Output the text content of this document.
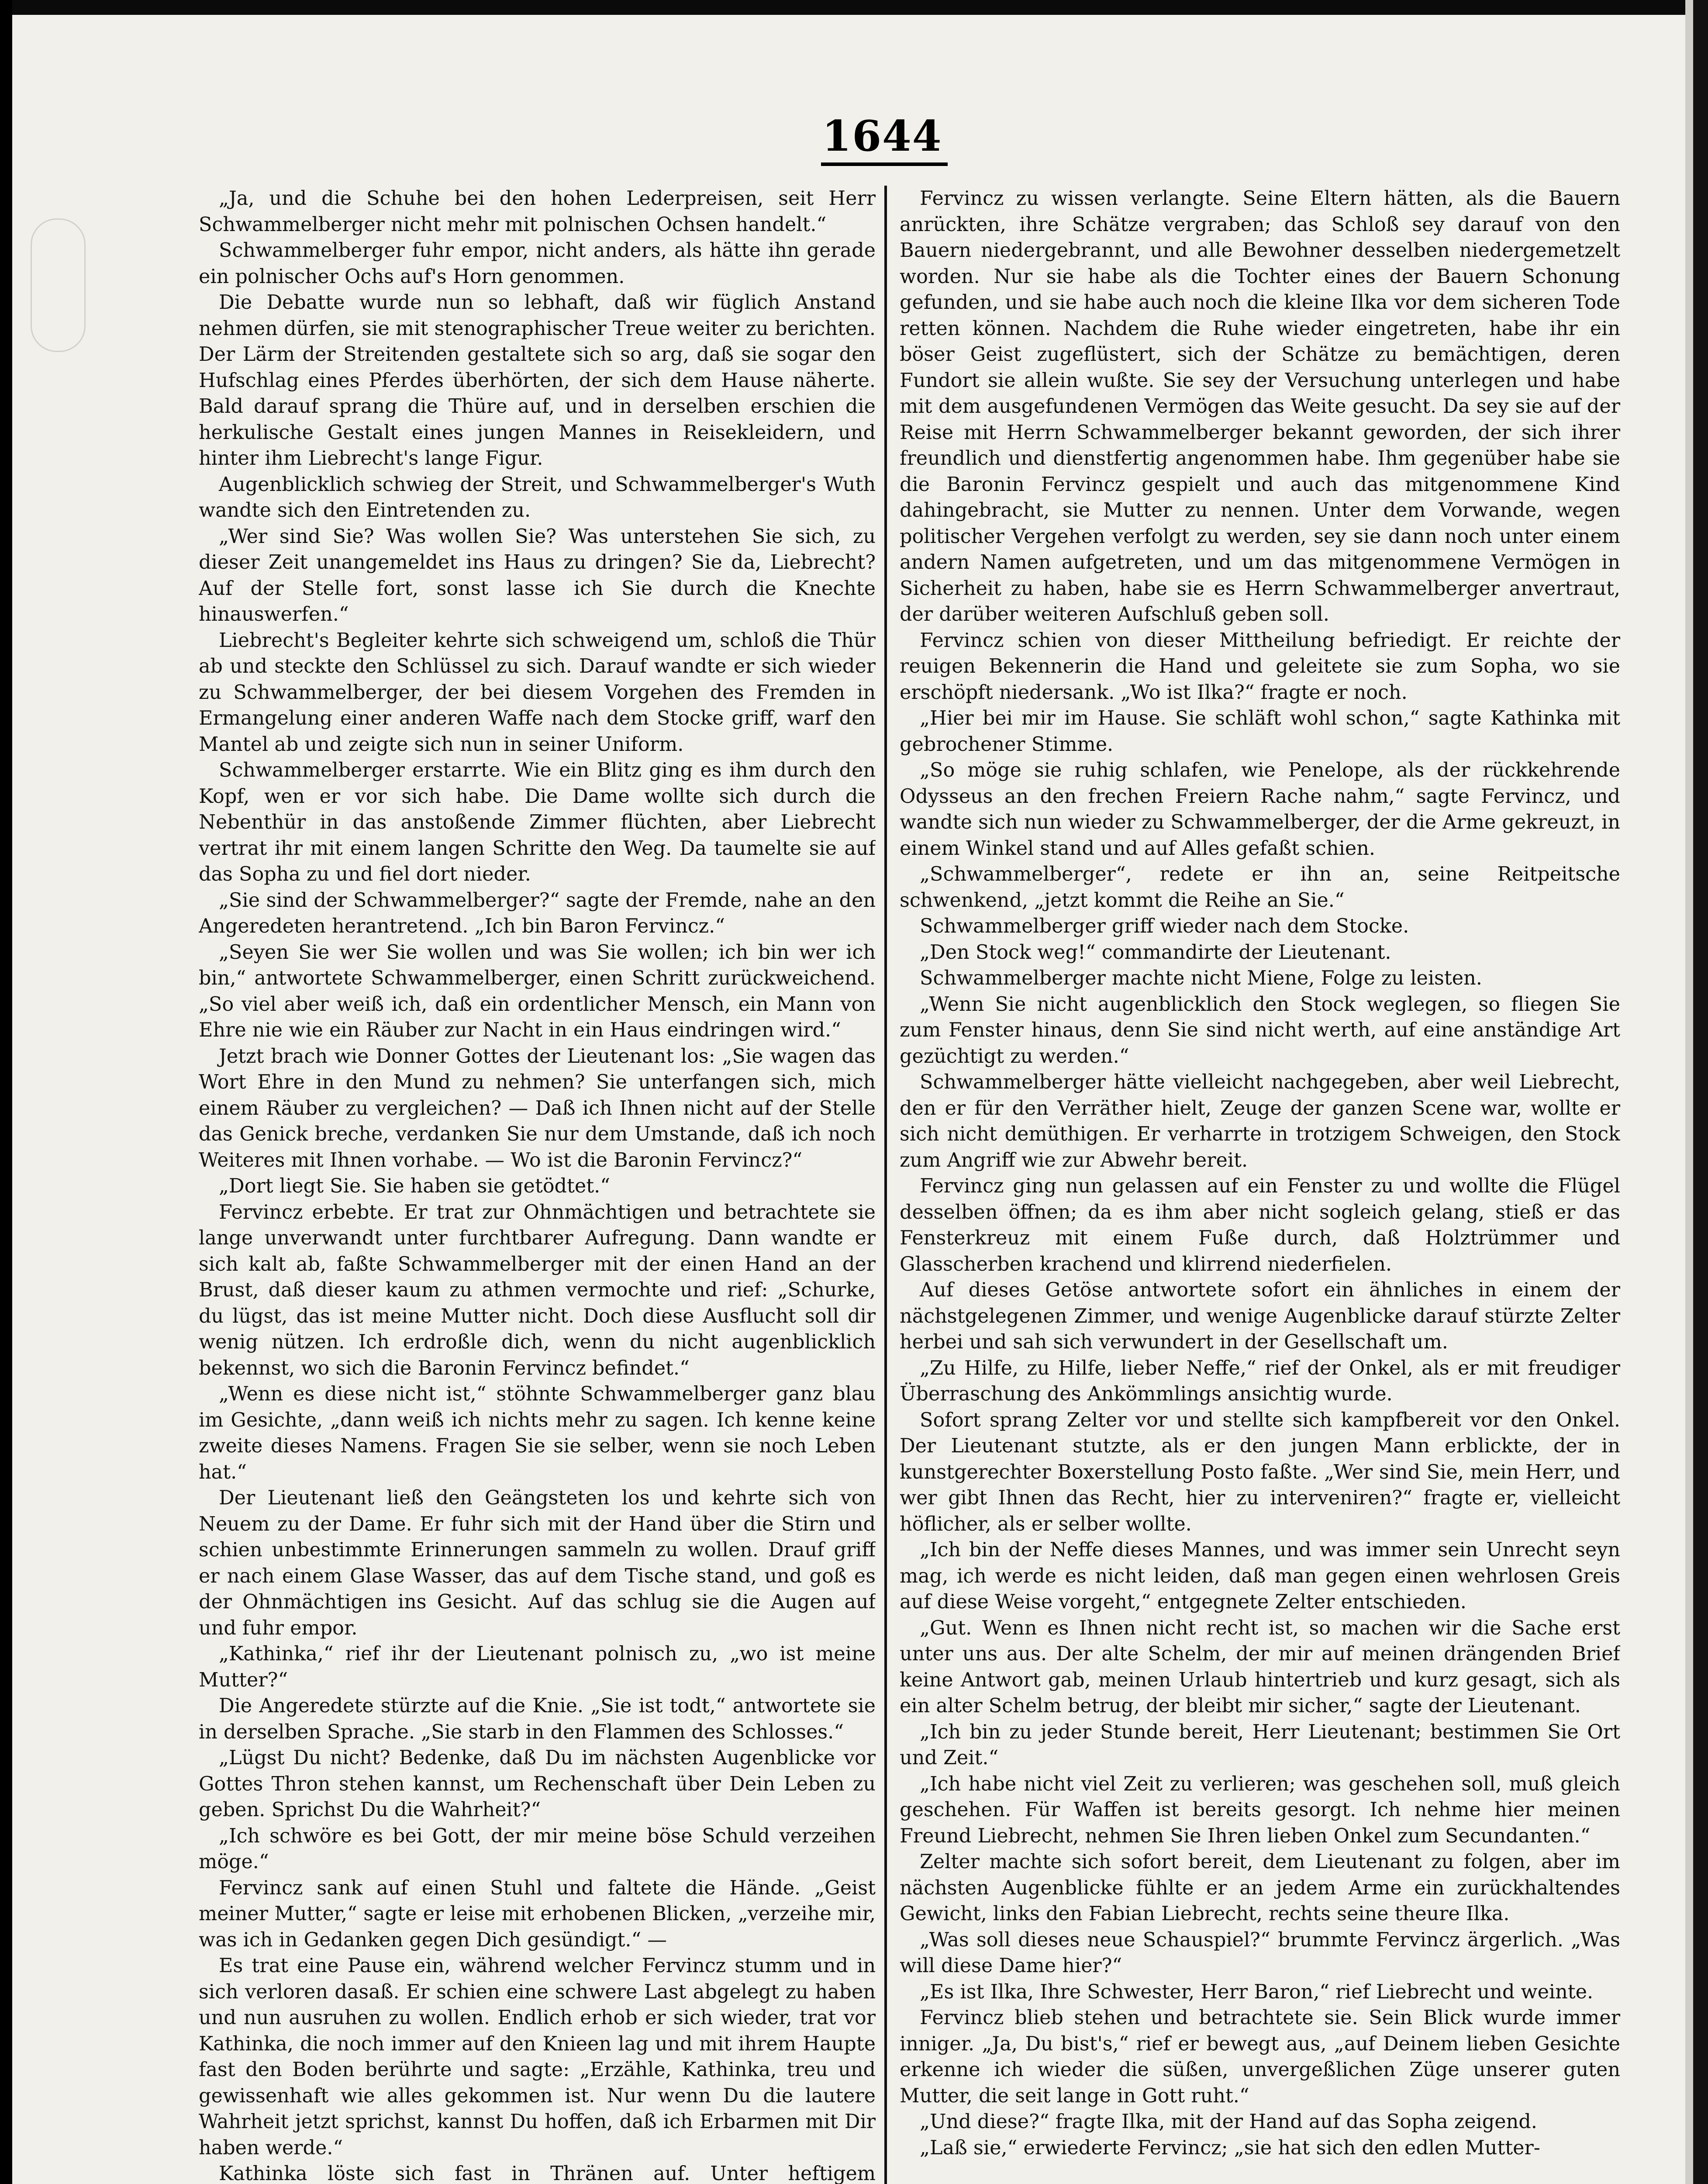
1644

„Ja, und die Schuhe bei den hohen Lederpreisen, seit Herr Schwammelberger nicht mehr mit polnischen Ochsen handelt.“

Schwammelberger fuhr empor, nicht anders, als hätte ihn gerade ein polnischer Ochs auf's Horn genommen.

Die Debatte wurde nun so lebhaft, daß wir füglich Anstand nehmen dürfen, sie mit stenographischer Treue weiter zu berichten. Der Lärm der Streitenden gestaltete sich so arg, daß sie sogar den Hufschlag eines Pferdes überhörten, der sich dem Hause näherte. Bald darauf sprang die Thüre auf, und in derselben erschien die herkulische Gestalt eines jungen Mannes in Reisekleidern, und hinter ihm Liebrecht's lange Figur.

Augenblicklich schwieg der Streit, und Schwammelberger's Wuth wandte sich den Eintretenden zu.

„Wer sind Sie? Was wollen Sie? Was unterstehen Sie sich, zu dieser Zeit unangemeldet ins Haus zu dringen? Sie da, Liebrecht? Auf der Stelle fort, sonst lasse ich Sie durch die Knechte hinauswerfen.“

Liebrecht's Begleiter kehrte sich schweigend um, schloß die Thür ab und steckte den Schlüssel zu sich. Darauf wandte er sich wieder zu Schwammelberger, der bei diesem Vorgehen des Fremden in Ermangelung einer anderen Waffe nach dem Stocke griff, warf den Mantel ab und zeigte sich nun in seiner Uniform.

Schwammelberger erstarrte. Wie ein Blitz ging es ihm durch den Kopf, wen er vor sich habe. Die Dame wollte sich durch die Nebenthür in das anstoßende Zimmer flüchten, aber Liebrecht vertrat ihr mit einem langen Schritte den Weg. Da taumelte sie auf das Sopha zu und fiel dort nieder.

„Sie sind der Schwammelberger?“ sagte der Fremde, nahe an den Angeredeten herantretend. „Ich bin Baron Fervincz.“

„Seyen Sie wer Sie wollen und was Sie wollen; ich bin wer ich bin,“ antwortete Schwammelberger, einen Schritt zurückweichend. „So viel aber weiß ich, daß ein ordentlicher Mensch, ein Mann von Ehre nie wie ein Räuber zur Nacht in ein Haus eindringen wird.“

Jetzt brach wie Donner Gottes der Lieutenant los: „Sie wagen das Wort Ehre in den Mund zu nehmen? Sie unterfangen sich, mich einem Räuber zu vergleichen? — Daß ich Ihnen nicht auf der Stelle das Genick breche, verdanken Sie nur dem Umstande, daß ich noch Weiteres mit Ihnen vorhabe. — Wo ist die Baronin Fervincz?“

„Dort liegt Sie. Sie haben sie getödtet.“

Fervincz erbebte. Er trat zur Ohnmächtigen und betrachtete sie lange unverwandt unter furchtbarer Aufregung. Dann wandte er sich kalt ab, faßte Schwammelberger mit der einen Hand an der Brust, daß dieser kaum zu athmen vermochte und rief: „Schurke, du lügst, das ist meine Mutter nicht. Doch diese Ausflucht soll dir wenig nützen. Ich erdroßle dich, wenn du nicht augenblicklich bekennst, wo sich die Baronin Fervincz befindet.“

„Wenn es diese nicht ist,“ stöhnte Schwammelberger ganz blau im Gesichte, „dann weiß ich nichts mehr zu sagen. Ich kenne keine zweite dieses Namens. Fragen Sie sie selber, wenn sie noch Leben hat.“

Der Lieutenant ließ den Geängsteten los und kehrte sich von Neuem zu der Dame. Er fuhr sich mit der Hand über die Stirn und schien unbestimmte Erinnerungen sammeln zu wollen. Drauf griff er nach einem Glase Wasser, das auf dem Tische stand, und goß es der Ohnmächtigen ins Gesicht. Auf das schlug sie die Augen auf und fuhr empor.

„Kathinka,“ rief ihr der Lieutenant polnisch zu, „wo ist meine Mutter?“

Die Angeredete stürzte auf die Knie. „Sie ist todt,“ antwortete sie in derselben Sprache. „Sie starb in den Flammen des Schlosses.“

„Lügst Du nicht? Bedenke, daß Du im nächsten Augenblicke vor Gottes Thron stehen kannst, um Rechenschaft über Dein Leben zu geben. Sprichst Du die Wahrheit?“

„Ich schwöre es bei Gott, der mir meine böse Schuld verzeihen möge.“

Fervincz sank auf einen Stuhl und faltete die Hände. „Geist meiner Mutter,“ sagte er leise mit erhobenen Blicken, „verzeihe mir, was ich in Gedanken gegen Dich gesündigt.“ —

Es trat eine Pause ein, während welcher Fervincz stumm und in sich verloren dasaß. Er schien eine schwere Last abgelegt zu haben und nun ausruhen zu wollen. Endlich erhob er sich wieder, trat vor Kathinka, die noch immer auf den Knieen lag und mit ihrem Haupte fast den Boden berührte und sagte: „Erzähle, Kathinka, treu und gewissenhaft wie alles gekommen ist. Nur wenn Du die lautere Wahrheit jetzt sprichst, kannst Du hoffen, daß ich Erbarmen mit Dir haben werde.“

Kathinka löste sich fast in Thränen auf. Unter heftigem

Fervincz zu wissen verlangte. Seine Eltern hätten, als die Bauern anrückten, ihre Schätze vergraben; das Schloß sey darauf von den Bauern niedergebrannt, und alle Bewohner desselben niedergemetzelt worden. Nur sie habe als die Tochter eines der Bauern Schonung gefunden, und sie habe auch noch die kleine Ilka vor dem sicheren Tode retten können. Nachdem die Ruhe wieder eingetreten, habe ihr ein böser Geist zugeflüstert, sich der Schätze zu bemächtigen, deren Fundort sie allein wußte. Sie sey der Versuchung unterlegen und habe mit dem ausgefundenen Vermögen das Weite gesucht. Da sey sie auf der Reise mit Herrn Schwammelberger bekannt geworden, der sich ihrer freundlich und dienstfertig angenommen habe. Ihm gegenüber habe sie die Baronin Fervincz gespielt und auch das mitgenommene Kind dahingebracht, sie Mutter zu nennen. Unter dem Vorwande, wegen politischer Vergehen verfolgt zu werden, sey sie dann noch unter einem andern Namen aufgetreten, und um das mitgenommene Vermögen in Sicherheit zu haben, habe sie es Herrn Schwammelberger anvertraut, der darüber weiteren Aufschluß geben soll.

Fervincz schien von dieser Mittheilung befriedigt. Er reichte der reuigen Bekennerin die Hand und geleitete sie zum Sopha, wo sie erschöpft niedersank. „Wo ist Ilka?“ fragte er noch.

„Hier bei mir im Hause. Sie schläft wohl schon,“ sagte Kathinka mit gebrochener Stimme.

„So möge sie ruhig schlafen, wie Penelope, als der rückkehrende Odysseus an den frechen Freiern Rache nahm,“ sagte Fervincz, und wandte sich nun wieder zu Schwammelberger, der die Arme gekreuzt, in einem Winkel stand und auf Alles gefaßt schien.

„Schwammelberger“, redete er ihn an, seine Reitpeitsche schwenkend, „jetzt kommt die Reihe an Sie.“

Schwammelberger griff wieder nach dem Stocke.

„Den Stock weg!“ commandirte der Lieutenant.

Schwammelberger machte nicht Miene, Folge zu leisten.

„Wenn Sie nicht augenblicklich den Stock weglegen, so fliegen Sie zum Fenster hinaus, denn Sie sind nicht werth, auf eine anständige Art gezüchtigt zu werden.“

Schwammelberger hätte vielleicht nachgegeben, aber weil Liebrecht, den er für den Verräther hielt, Zeuge der ganzen Scene war, wollte er sich nicht demüthigen. Er verharrte in trotzigem Schweigen, den Stock zum Angriff wie zur Abwehr bereit.

Fervincz ging nun gelassen auf ein Fenster zu und wollte die Flügel desselben öffnen; da es ihm aber nicht sogleich gelang, stieß er das Fensterkreuz mit einem Fuße durch, daß Holztrümmer und Glasscherben krachend und klirrend niederfielen.

Auf dieses Getöse antwortete sofort ein ähnliches in einem der nächstgelegenen Zimmer, und wenige Augenblicke darauf stürzte Zelter herbei und sah sich verwundert in der Gesellschaft um.

„Zu Hilfe, zu Hilfe, lieber Neffe,“ rief der Onkel, als er mit freudiger Überraschung des Ankömmlings ansichtig wurde.

Sofort sprang Zelter vor und stellte sich kampfbereit vor den Onkel. Der Lieutenant stutzte, als er den jungen Mann erblickte, der in kunstgerechter Boxerstellung Posto faßte. „Wer sind Sie, mein Herr, und wer gibt Ihnen das Recht, hier zu interveniren?“ fragte er, vielleicht höflicher, als er selber wollte.

„Ich bin der Neffe dieses Mannes, und was immer sein Unrecht seyn mag, ich werde es nicht leiden, daß man gegen einen wehrlosen Greis auf diese Weise vorgeht,“ entgegnete Zelter entschieden.

„Gut. Wenn es Ihnen nicht recht ist, so machen wir die Sache erst unter uns aus. Der alte Schelm, der mir auf meinen drängenden Brief keine Antwort gab, meinen Urlaub hintertrieb und kurz gesagt, sich als ein alter Schelm betrug, der bleibt mir sicher,“ sagte der Lieutenant.

„Ich bin zu jeder Stunde bereit, Herr Lieutenant; bestimmen Sie Ort und Zeit.“

„Ich habe nicht viel Zeit zu verlieren; was geschehen soll, muß gleich geschehen. Für Waffen ist bereits gesorgt. Ich nehme hier meinen Freund Liebrecht, nehmen Sie Ihren lieben Onkel zum Secundanten.“

Zelter machte sich sofort bereit, dem Lieutenant zu folgen, aber im nächsten Augenblicke fühlte er an jedem Arme ein zurückhaltendes Gewicht, links den Fabian Liebrecht, rechts seine theure Ilka.

„Was soll dieses neue Schauspiel?“ brummte Fervincz ärgerlich. „Was will diese Dame hier?“

„Es ist Ilka, Ihre Schwester, Herr Baron,“ rief Liebrecht und weinte.

Fervincz blieb stehen und betrachtete sie. Sein Blick wurde immer inniger. „Ja, Du bist's,“ rief er bewegt aus, „auf Deinem lieben Gesichte erkenne ich wieder die süßen, unvergeßlichen Züge unserer guten Mutter, die seit lange in Gott ruht.“

„Und diese?“ fragte Ilka, mit der Hand auf das Sopha zeigend.

„Laß sie,“ erwiederte Fervincz; „sie hat sich den edlen Mutter-
